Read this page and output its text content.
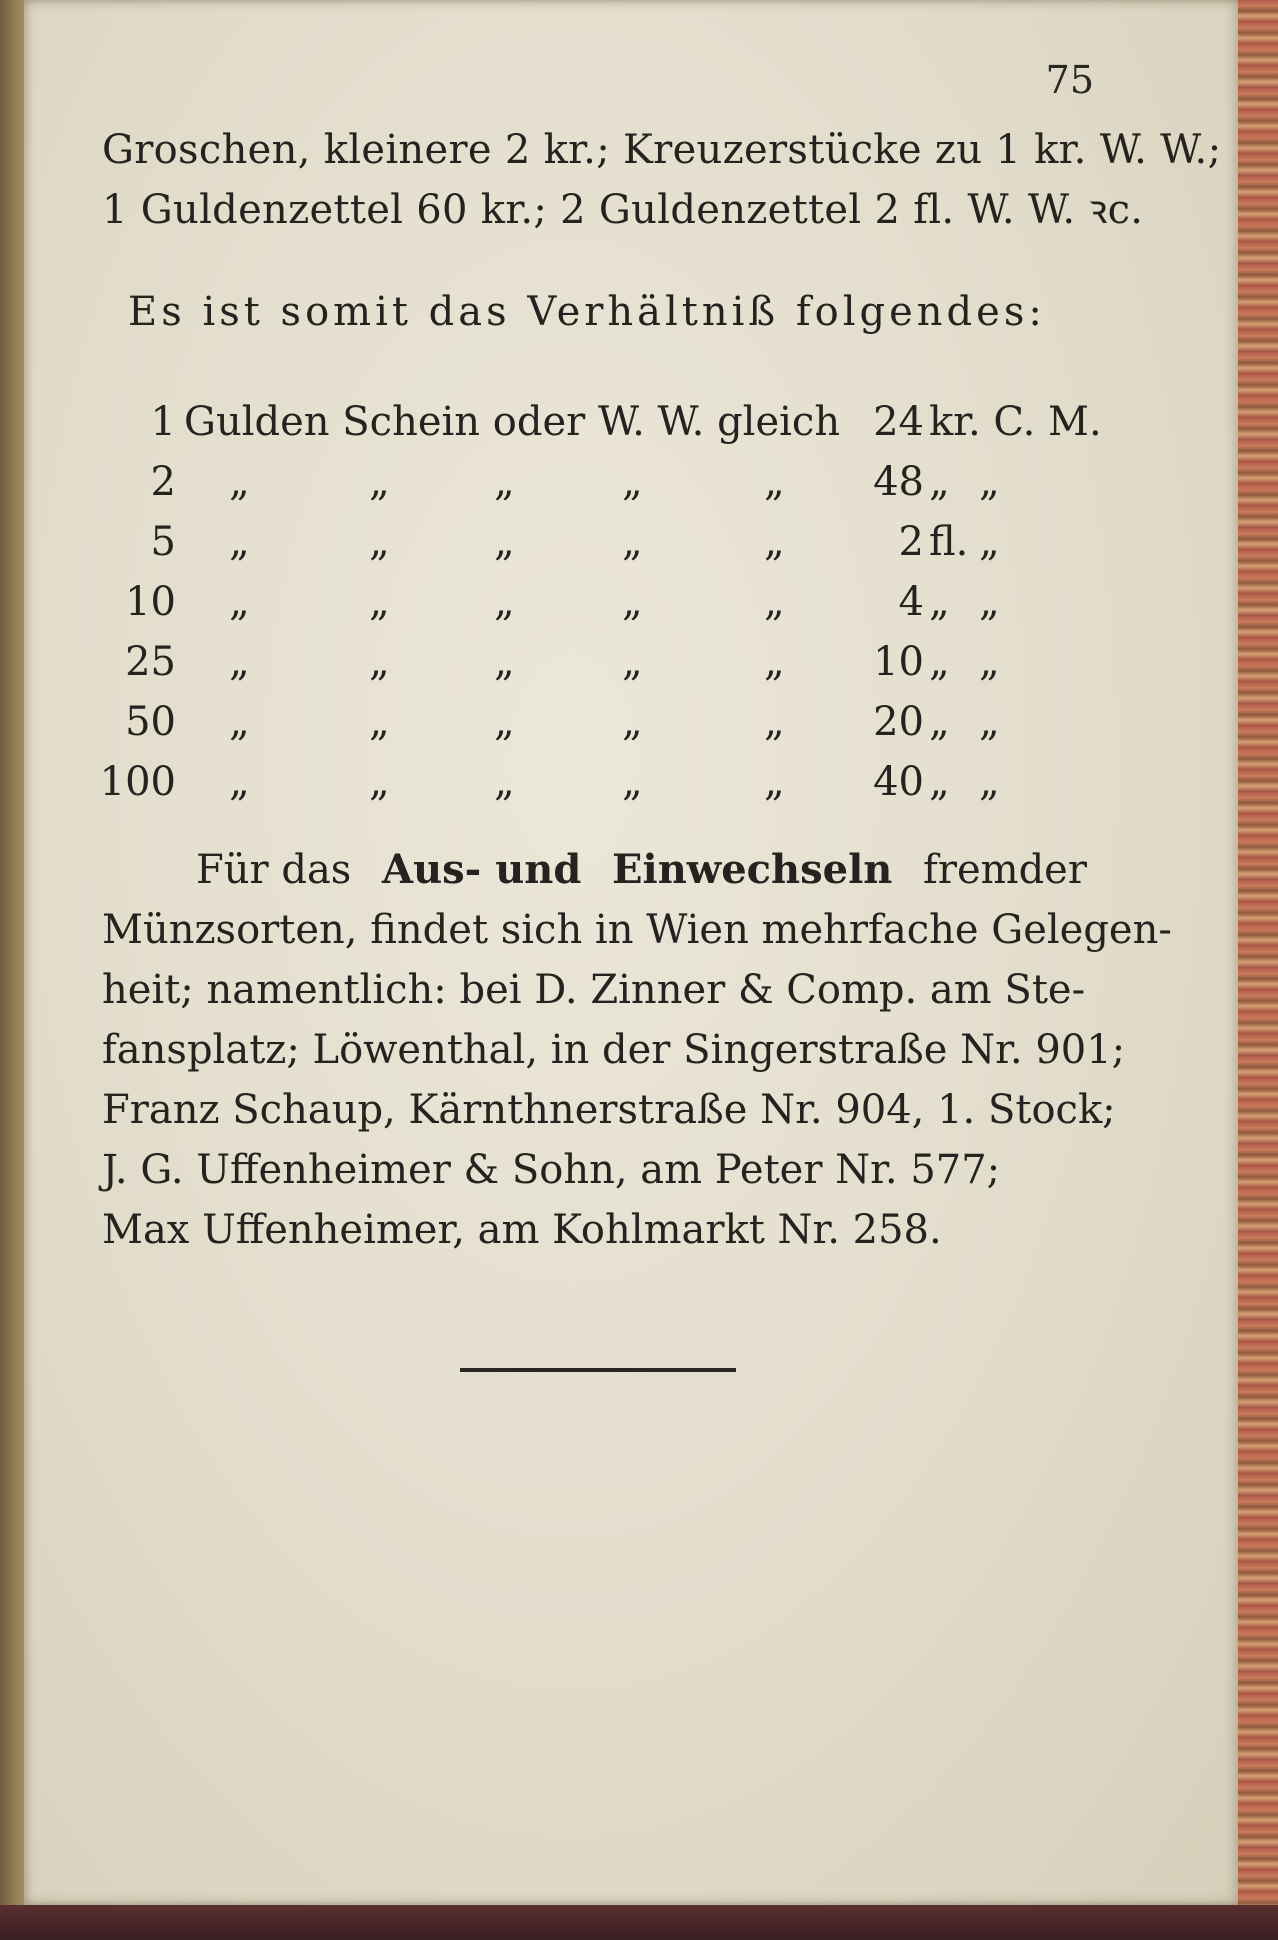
75
Groschen, kleinere 2 kr.; Kreuzerstücke zu 1 kr. W. W.;
1 Guldenzettel 60 kr.; 2 Guldenzettel 2 fl. W. W. ꝛc.
Es ist somit das Verhältniß folgendes:
1 Gulden Schein oder W. W. gleich 24 kr. C. M.
2 „	„	„	„	„	48 „ „
5 „	„	„	„	„	2 fl. „
10 „	„	„	„	„	4 „ „
25 „	„	„	„	„	10 „ „
50 „	„	„	„	„	20 „ „
100 „	„	„	„	„	40 „ „
Für das Aus- und Einwechseln fremder
Münzsorten, findet sich in Wien mehrfache Gelegen-
heit; namentlich: bei D. Zinner & Comp. am Ste-
fansplatz; Löwenthal, in der Singerstraße Nr. 901;
Franz Schaup, Kärnthnerstraße Nr. 904, 1. Stock;
J. G. Uffenheimer & Sohn, am Peter Nr. 577;
Max Uffenheimer, am Kohlmarkt Nr. 258.
